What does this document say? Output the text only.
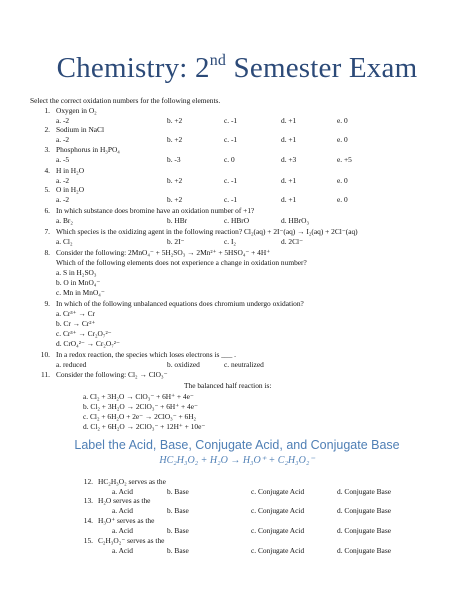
Chemistry: 2nd Semester Exam
Select the correct oxidation numbers for the following elements.
1. Oxygen in O₂
a. -2	b. +2	c. -1	d. +1	e. 0
2. Sodium in NaCl
a. -2	b. +2	c. -1	d. +1	e. 0
3. Phosphorus in H₃PO₄
a. -5	b. -3	c. 0	d. +3	e. +5
4. H in H₂O
a. -2	b. +2	c. -1	d. +1	e. 0
5. O in H₂O
a. -2	b. +2	c. -1	d. +1	e. 0
6. In which substance does bromine have an oxidation number of +1?
a. Br₂	b. HBr	c. HBrO	d. HBrO₃
7. Which species is the oxidizing agent in the following reaction? Cl₂(aq) + 2I⁻(aq) → I₂(aq) + 2Cl⁻(aq)
a. Cl₂	b. 2I⁻	c. I₂	d. 2Cl⁻
8. Consider the following: 2MnO₄⁻ + 5H₂SO₃ → 2Mn²⁺ + 5HSO₄⁻ + 4H⁺
Which of the following elements does not experience a change in oxidation number?
a. S in H₂SO₃
b. O in MnO₄⁻
c. Mn in MnO₄⁻
9. In which of the following unbalanced equations does chromium undergo oxidation?
a. Cr³⁺ → Cr
b. Cr → Cr²⁺
c. Cr³⁺ → Cr₂O₇²⁻
d. CrO₄²⁻ → Cr₂O₇²⁻
10. In a redox reaction, the species which loses electrons is ___ .
a. reduced	b. oxidized	c. neutralized
11. Consider the following: Cl₂ → ClO₃⁻
The balanced half reaction is:
a. Cl₂ + 3H₂O → ClO₃⁻ + 6H⁺ + 4e⁻
b. Cl₂ + 3H₂O → 2ClO₃⁻ + 6H⁺ + 4e⁻
c. Cl₂ + 6H₂O + 2e⁻ → 2ClO₃⁻ + 6H₂
d. Cl₂ + 6H₂O → 2ClO₃⁻ + 12H⁺ + 10e⁻
Label the Acid, Base, Conjugate Acid, and Conjugate Base
HC₂H₃O₂ + H₂O → H₃O⁺ + C₂H₃O₂⁻
12. HC₂H₃O₂ serves as the
a. Acid	b. Base	c. Conjugate Acid	d. Conjugate Base
13. H₂O serves as the
a. Acid	b. Base	c. Conjugate Acid	d. Conjugate Base
14. H₃O⁺ serves as the
a. Acid	b. Base	c. Conjugate Acid	d. Conjugate Base
15. C₂H₃O₂⁻ serves as the
a. Acid	b. Base	c. Conjugate Acid	d. Conjugate Base
